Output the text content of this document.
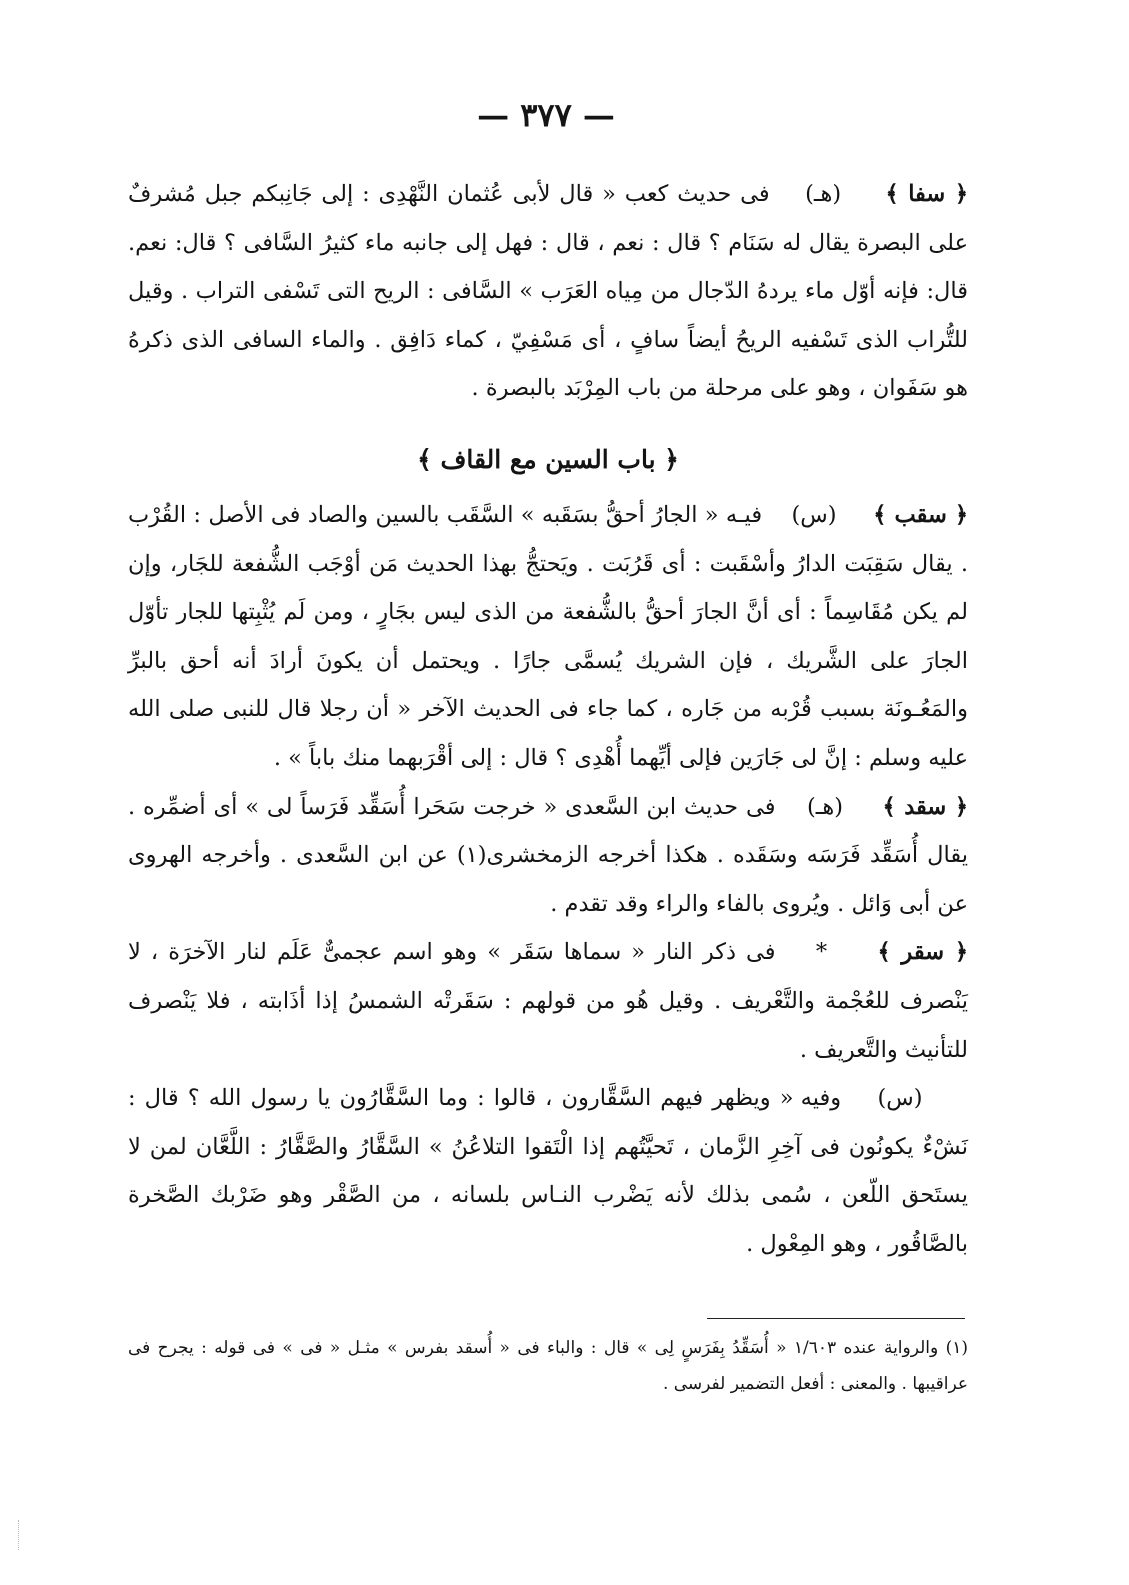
— ٣٧٧ —

﴿ سفا ﴾     (هـ)    فى حديث كعب « قال لأبى عُثمان النَّهْدِى : إلى جَانِبكم جبل مُشرفٌ على البصرة يقال له سَنَام ؟ قال : نعم ، قال : فهل إلى جانبه ماء كثيرُ السَّافى ؟ قال: نعم. قال: فإنه أوّل ماء يردهُ الدّجال من مِياه العَرَب » السَّافى : الريح التى تَسْفى التراب . وقيل للتُّراب الذى تَسْفيه الريحُ أيضاً سافٍ ، أى مَسْفِيّ ، كماء دَافِق . والماء السافى الذى ذكرهُ هو سَفَوان ، وهو على مرحلة من باب المِرْبَد بالبصرة .

﴿ باب السين مع القاف ﴾

﴿ سقب ﴾     (س)    فيـه « الجارُ أحقُّ بسَقَبه » السَّقَب بالسين والصاد فى الأصل : القُرْب . يقال سَقِبَت الدارُ وأسْقَبت : أى قَرُبَت . ويَحتجُّ بهذا الحديث مَن أوْجَب الشُّفعة للجَار، وإن لم يكن مُقَاسِماً : أى أنَّ الجارَ أحقُّ بالشُّفعة من الذى ليس بجَارٍ ، ومن لَم يُثْبِتها للجار تأوّل الجارَ على الشَّريك ، فإن الشريك يُسمَّى جارًا . ويحتمل أن يكونَ أرادَ أنه أحق بالبرِّ والمَعُـونَة بسبب قُرْبه من جَاره ، كما جاء فى الحديث الآخر « أن رجلا قال للنبى صلى الله عليه وسلم : إنَّ لى جَارَين فإلى أيِّهما أُهْدِى ؟ قال : إلى أقْرَبهما منك باباً » .

﴿ سقد ﴾     (هـ)    فى حديث ابن السَّعدى « خرجت سَحَرا أُسَقِّد فَرَساً لى » أى أضمِّره . يقال أُسَقِّد فَرَسَه وسَقَده . هكذا أخرجه الزمخشرى(١) عن ابن السَّعدى . وأخرجه الهروى عن أبى وَائل . ويُروى بالفاء والراء وقد تقدم .

﴿ سقر ﴾     *    فى ذكر النار « سماها سَقَر » وهو اسم عجمىٌّ عَلَم لنار الآخرَة ، لا يَنْصرف للعُجْمة والتَّعْريف . وقيل هُو من قولهم : سَقَرتْه الشمسُ إذا أذَابته ، فلا يَنْصرف للتأنيث والتَّعريف .

(س)    وفيه « ويظهر فيهم السَّقَّارون ، قالوا : وما السَّقَّارُون يا رسول الله ؟ قال : نَشْءٌ يكونُون فى آخِرِ الزَّمان ، تَحيَّتُهم إذا الْتَقوا التلاعُنُ » السَّقَّارُ والصَّقَّارُ : اللَّعَّان لمن لا يستَحق اللّعن ، سُمى بذلك لأنه يَضْرب النـاس بلسانه ، من الصَّقْر وهو ضَرْبك الصَّخرة بالصَّاقُور ، وهو المِعْول .

(١) والرواية عنده ١/٦٠٣ « أُسَقِّدُ بِفَرَسٍ لِى » قال : والباء فى « أُسقد بفرس » مثـل « فى » فى قوله : يجرح فى عراقيبها . والمعنى : أفعل التضمير لفرسى .
